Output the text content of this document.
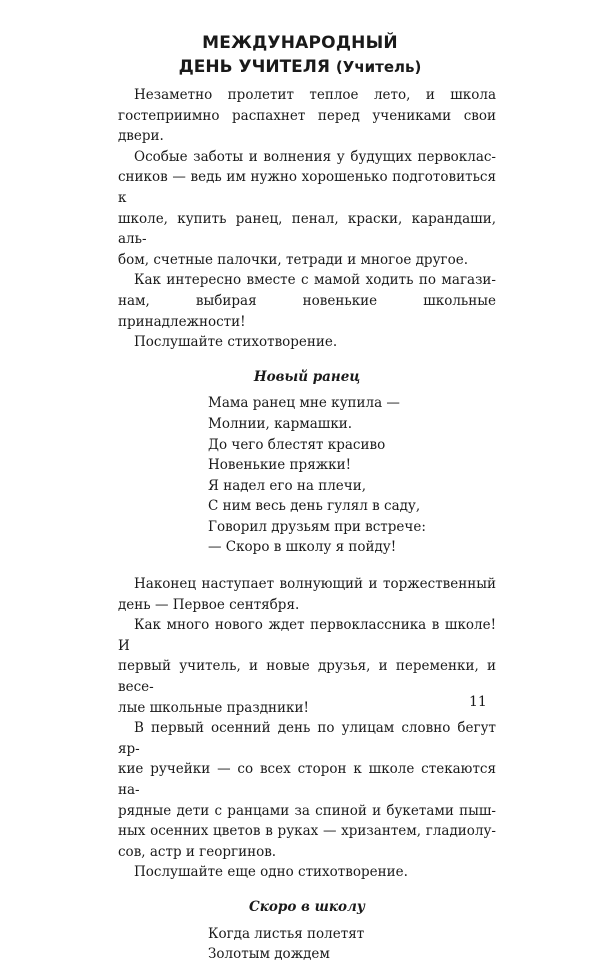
МЕЖДУНАРОДНЫЙ
ДЕНЬ УЧИТЕЛЯ (Учитель)

Незаметно пролетит теплое лето, и школа
гостеприимно распахнет перед учениками свои двери.

Особые заботы и волнения у будущих первоклас-
сников — ведь им нужно хорошенько подготовиться к
школе, купить ранец, пенал, краски, карандаши, аль-
бом, счетные палочки, тетради и многое другое.

Как интересно вместе с мамой ходить по магази-
нам, выбирая новенькие школьные принадлежности!

Послушайте стихотворение.

Новый ранец
Мама ранец мне купила —
Молнии, кармашки.
До чего блестят красиво
Новенькие пряжки!
Я надел его на плечи,
С ним весь день гулял в саду,
Говорил друзьям при встрече:
— Скоро в школу я пойду!

Наконец наступает волнующий и торжественный
день — Первое сентября.

Как много нового ждет первоклассника в школе! И
первый учитель, и новые друзья, и переменки, и весе-
лые школьные праздники!

В первый осенний день по улицам словно бегут яр-
кие ручейки — со всех сторон к школе стекаются на-
рядные дети с ранцами за спиной и букетами пыш-
ных осенних цветов в руках — хризантем, гладиолу-
сов, астр и георгинов.

Послушайте еще одно стихотворение.

Скоро в школу
Когда листья полетят
Золотым дождем
11
